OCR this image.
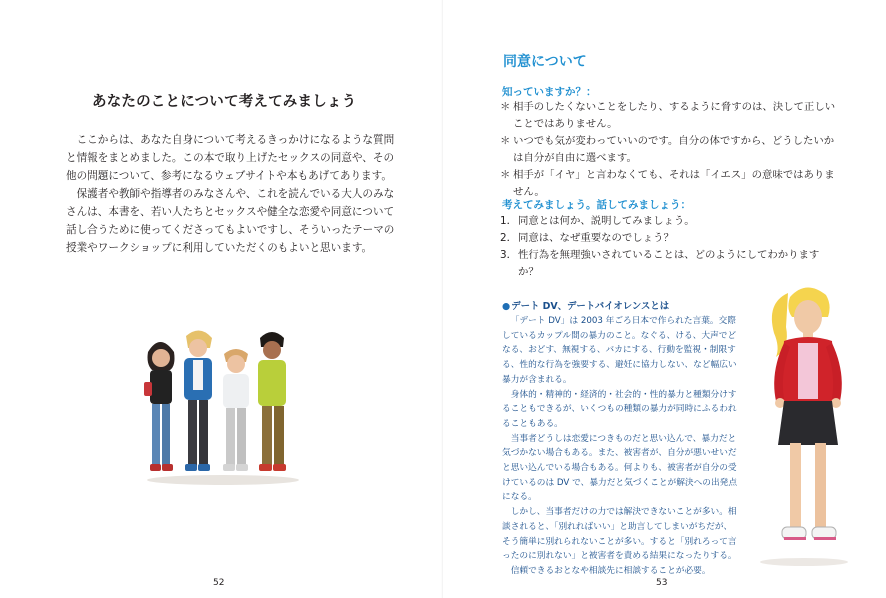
あなたのことについて考えてみましょう

ここからは、あなた自身について考えるきっかけになるような質問と情報をまとめました。この本で取り上げたセックスの同意や、その他の問題について、参考になるウェブサイトや本もあげてあります。

保護者や教師や指導者のみなさんや、これを読んでいる大人のみなさんは、本書を、若い人たちとセックスや健全な恋愛や同意について話し合うために使ってくださってもよいですし、そういったテーマの授業やワークショップに利用していただくのもよいと思います。

52
同意について
知っていますか？：
＊ 相手のしたくないことをしたり、するように脅すのは、決して正しいことではありません。
＊ いつでも気が変わっていいのです。自分の体ですから、どうしたいかは自分が自由に選べます。
＊ 相手が「イヤ」と言わなくても、それは「イエス」の意味ではありません。
考えてみましょう。話してみましょう：
1． 同意とは何か、説明してみましょう。
2． 同意は、なぜ重要なのでしょう？
3． 性行為を無理強いされていることは、どのようにしてわかりますか？
●デート DV、デートバイオレンスとは

「デート DV」は 2003 年ごろ日本で作られた言葉。交際しているカップル間の暴力のこと。なぐる、ける、大声でどなる、おどす、無視する、バカにする、行動を監視・制限する、性的な行為を強要する、避妊に協力しない、など幅広い暴力が含まれる。

身体的・精神的・経済的・社会的・性的暴力と種類分けすることもできるが、いくつもの種類の暴力が同時にふるわれることもある。

当事者どうしは恋愛につきものだと思い込んで、暴力だと気づかない場合もある。また、被害者が、自分が悪いせいだと思い込んでいる場合もある。何よりも、被害者が自分の受けているのは DV で、暴力だと気づくことが解決への出発点になる。

しかし、当事者だけの力では解決できないことが多い。相談されると、「別れればいい」と助言してしまいがちだが、そう簡単に別れられないことが多い。すると「別れろって言ったのに別れない」と被害者を責める結果になったりする。

信頼できるおとなや相談先に相談することが必要。

53
